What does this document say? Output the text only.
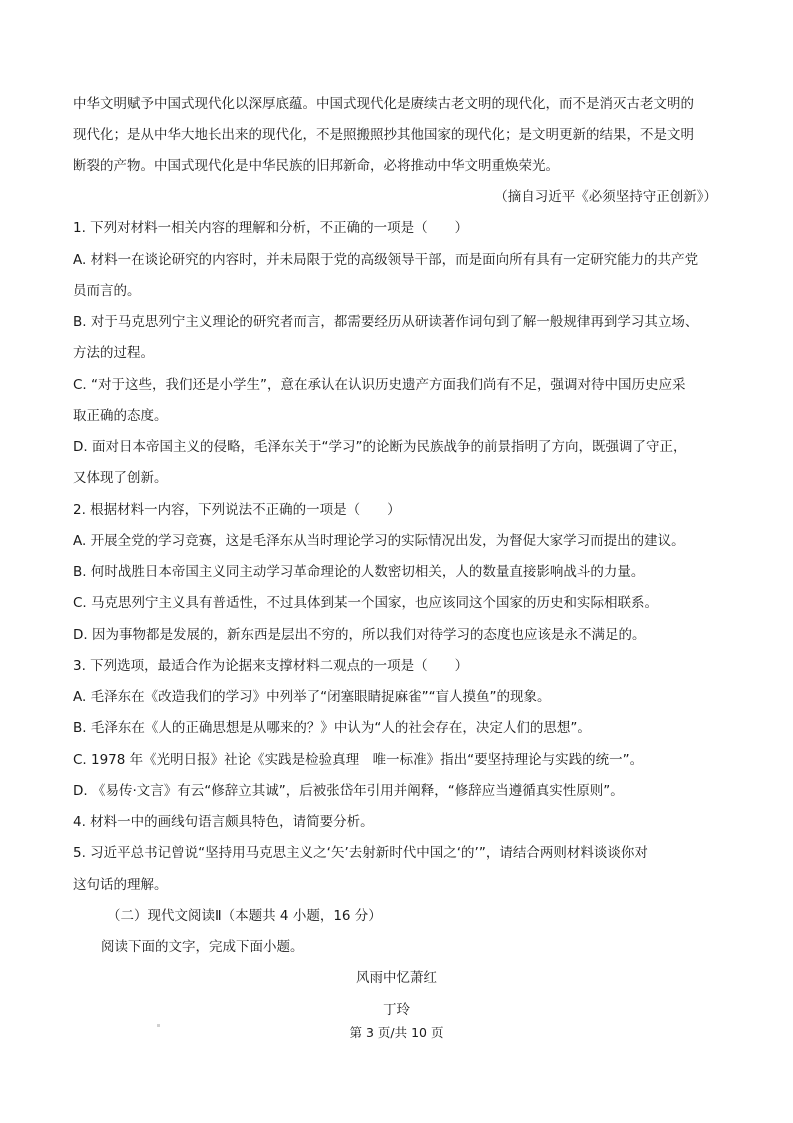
中华文明赋予中国式现代化以深厚底蕴。中国式现代化是赓续古老文明的现代化，而不是消灭古老文明的
现代化；是从中华大地长出来的现代化，不是照搬照抄其他国家的现代化；是文明更新的结果，不是文明
断裂的产物。中国式现代化是中华民族的旧邦新命，必将推动中华文明重焕荣光。
（摘自习近平《必须坚持守正创新》）
1. 下列对材料一相关内容的理解和分析，不正确的一项是（　　）
A. 材料一在谈论研究的内容时，并未局限于党的高级领导干部，而是面向所有具有一定研究能力的共产党
员而言的。
B. 对于马克思列宁主义理论的研究者而言，都需要经历从研读著作词句到了解一般规律再到学习其立场、
方法的过程。
C. “对于这些，我们还是小学生”，意在承认在认识历史遗产方面我们尚有不足，强调对待中国历史应采
取正确的态度。
D. 面对日本帝国主义的侵略，毛泽东关于“学习”的论断为民族战争的前景指明了方向，既强调了守正，
又体现了创新。
2. 根据材料一内容，下列说法不正确的一项是（　　）
A. 开展全党的学习竞赛，这是毛泽东从当时理论学习的实际情况出发，为督促大家学习而提出的建议。
B. 何时战胜日本帝国主义同主动学习革命理论的人数密切相关，人的数量直接影响战斗的力量。
C. 马克思列宁主义具有普适性，不过具体到某一个国家，也应该同这个国家的历史和实际相联系。
D. 因为事物都是发展的，新东西是层出不穷的，所以我们对待学习的态度也应该是永不满足的。
3. 下列选项，最适合作为论据来支撑材料二观点的一项是（　　）
A. 毛泽东在《改造我们的学习》中列举了“闭塞眼睛捉麻雀”“盲人摸鱼”的现象。
B. 毛泽东在《人的正确思想是从哪来的？》中认为“人的社会存在，决定人们的思想”。
C. 1978 年《光明日报》社论《实践是检验真理　唯一标准》指出“要坚持理论与实践的统一”。
D. 《易传·文言》有云“修辞立其诚”，后被张岱年引用并阐释，“修辞应当遵循真实性原则”。
4. 材料一中的画线句语言颇具特色，请简要分析。
5. 习近平总书记曾说“坚持用马克思主义之‘矢’去射新时代中国之‘的’”，请结合两则材料谈谈你对
这句话的理解。
（二）现代文阅读Ⅱ（本题共 4 小题，16 分）
阅读下面的文字，完成下面小题。
风雨中忆萧红
丁玲
第 3 页/共 10 页
